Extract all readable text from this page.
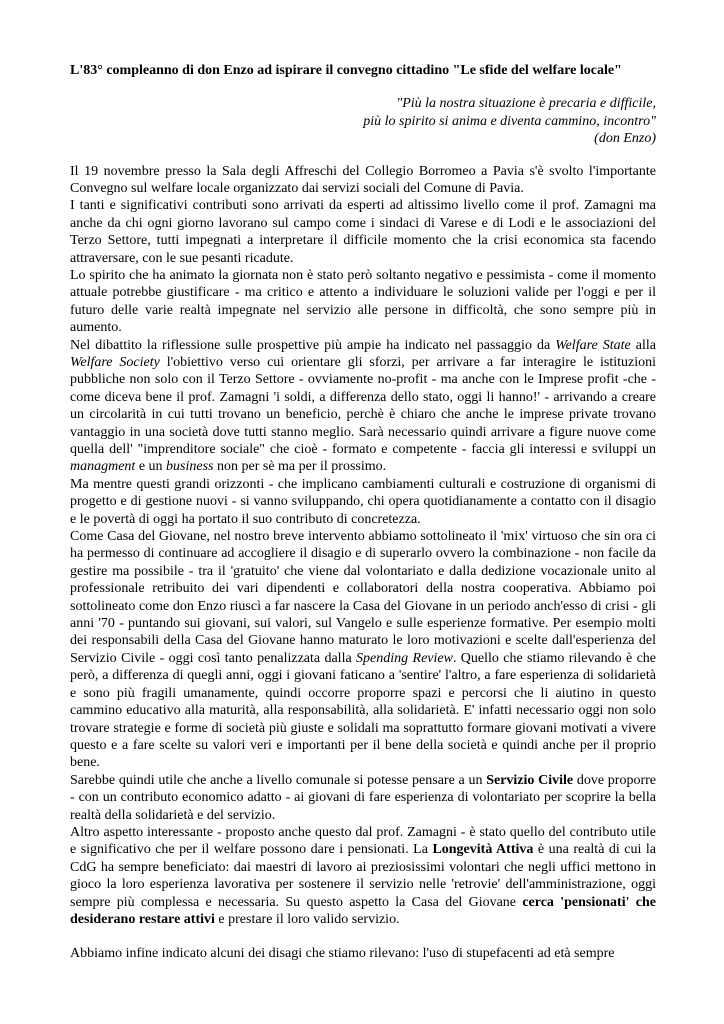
L'83° compleanno di don Enzo ad ispirare il convegno cittadino "Le sfide del welfare locale"
"Più la nostra situazione è precaria e difficile,
più lo spirito si anima e diventa cammino, incontro"
(don Enzo)

Il 19 novembre presso la Sala degli Affreschi del Collegio Borromeo a Pavia s'è svolto l'importante Convegno sul welfare locale organizzato dai servizi sociali del Comune di Pavia.

I tanti e significativi contributi sono arrivati da esperti ad altissimo livello come il prof. Zamagni ma anche da chi ogni giorno lavorano sul campo come i sindaci di Varese e di Lodi e le associazioni del Terzo Settore, tutti impegnati a interpretare il difficile momento che la crisi economica sta facendo attraversare, con le sue pesanti ricadute.

Lo spirito che ha animato la giornata non è stato però soltanto negativo e pessimista - come il momento attuale potrebbe giustificare - ma critico e attento a individuare le soluzioni valide per l'oggi e per il futuro delle varie realtà impegnate nel servizio alle persone in difficoltà, che sono sempre più in aumento.

Nel dibattito la riflessione sulle prospettive più ampie ha indicato nel passaggio da Welfare State alla Welfare Society l'obiettivo verso cui orientare gli sforzi, per arrivare a far interagire le istituzioni pubbliche non solo con il Terzo Settore - ovviamente no-profit - ma anche con le Imprese profit -che - come diceva bene il prof. Zamagni 'i soldi, a differenza dello stato, oggi li hanno!' - arrivando a creare un circolarità in cui tutti trovano un beneficio, perchè è chiaro che anche le imprese private trovano vantaggio in una società dove tutti stanno meglio. Sarà necessario quindi arrivare a figure nuove come quella dell' "imprenditore sociale" che cioè - formato e competente - faccia gli interessi e sviluppi un managment e un business non per sè ma per il prossimo.

Ma mentre questi grandi orizzonti - che implicano cambiamenti culturali e costruzione di organismi di progetto e di gestione nuovi - si vanno sviluppando, chi opera quotidianamente a contatto con il disagio e le povertà di oggi ha portato il suo contributo di concretezza.

Come Casa del Giovane, nel nostro breve intervento abbiamo sottolineato il 'mix' virtuoso che sin ora ci ha permesso di continuare ad accogliere il disagio e di superarlo ovvero la combinazione - non facile da gestire ma possibile - tra il 'gratuito' che viene dal volontariato e dalla dedizione vocazionale unito al professionale retribuito dei vari dipendenti e collaboratori della nostra cooperativa. Abbiamo poi sottolineato come don Enzo riuscì a far nascere la Casa del Giovane in un periodo anch'esso di crisi - gli anni '70 - puntando sui giovani, sui valori, sul Vangelo e sulle esperienze formative. Per esempio molti dei responsabili della Casa del Giovane hanno maturato le loro motivazioni e scelte dall'esperienza del Servizio Civile - oggi così tanto penalizzata dalla Spending Review. Quello che stiamo rilevando è che però, a differenza di quegli anni, oggi i giovani faticano a 'sentire' l'altro, a fare esperienza di solidarietà e sono più fragili umanamente, quindi occorre proporre spazi e percorsi che li aiutino in questo cammino educativo alla maturità, alla responsabilità, alla solidarietà. E' infatti necessario oggi non solo trovare strategie e forme di società più giuste e solidali ma soprattutto formare giovani motivati a vivere questo e a fare scelte su valori veri e importanti per il bene della società e quindi anche per il proprio bene.

Sarebbe quindi utile che anche a livello comunale si potesse pensare a un Servizio Civile dove proporre - con un contributo economico adatto - ai giovani di fare esperienza di volontariato per scoprire la bella realtà della solidarietà e del servizio.

Altro aspetto interessante - proposto anche questo dal prof. Zamagni - è stato quello del contributo utile e significativo che per il welfare possono dare i pensionati. La Longevità Attiva è una realtà di cui la CdG ha sempre beneficiato: dai maestri di lavoro ai preziosissimi volontari che negli uffici mettono in gioco la loro esperienza lavorativa per sostenere il servizio nelle 'retrovie' dell'amministrazione, oggi sempre più complessa e necessaria. Su questo aspetto la Casa del Giovane cerca 'pensionati' che desiderano restare attivi e prestare il loro valido servizio.

Abbiamo infine indicato alcuni dei disagi che stiamo rilevano: l'uso di stupefacenti ad età sempre
